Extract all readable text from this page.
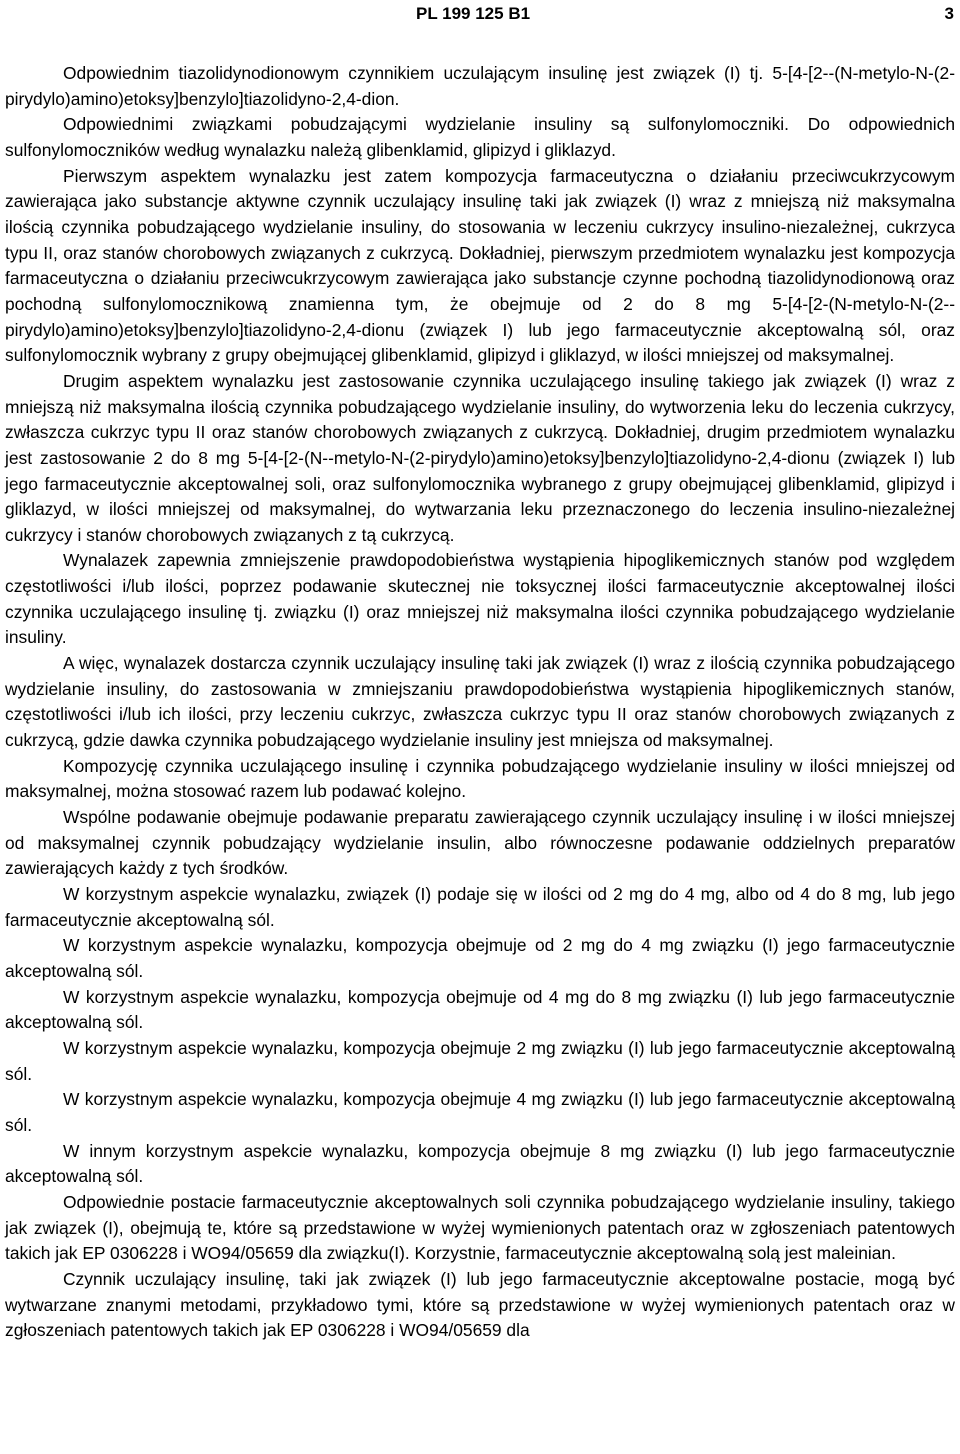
PL 199 125 B1	3

Odpowiednim tiazolidynodionowym czynnikiem uczulającym insulinę jest związek (I) tj. 5-[4-[2--(N-metylo-N-(2-pirydylo)amino)etoksy]benzylo]tiazolidyno-2,4-dion.

Odpowiednimi związkami pobudzającymi wydzielanie insuliny są sulfonylomoczniki. Do odpowiednich sulfonylomoczników według wynalazku należą glibenklamid, glipizyd i gliklazyd.

Pierwszym aspektem wynalazku jest zatem kompozycja farmaceutyczna o działaniu przeciwcukrzycowym zawierająca jako substancje aktywne czynnik uczulający insulinę taki jak związek (I) wraz z mniejszą niż maksymalna ilością czynnika pobudzającego wydzielanie insuliny, do stosowania w leczeniu cukrzycy insulino-niezależnej, cukrzyca typu II, oraz stanów chorobowych związanych z cukrzycą. Dokładniej, pierwszym przedmiotem wynalazku jest kompozycja farmaceutyczna o działaniu przeciwcukrzycowym zawierająca jako substancje czynne pochodną tiazolidynodionową oraz pochodną sulfonylomocznikową znamienna tym, że obejmuje od 2 do 8 mg 5-[4-[2-(N-metylo-N-(2--pirydylo)amino)etoksy]benzylo]tiazolidyno-2,4-dionu (związek I) lub jego farmaceutycznie akceptowalną sól, oraz sulfonylomocznik wybrany z grupy obejmującej glibenklamid, glipizyd i gliklazyd, w ilości mniejszej od maksymalnej.

Drugim aspektem wynalazku jest zastosowanie czynnika uczulającego insulinę takiego jak związek (I) wraz z mniejszą niż maksymalna ilością czynnika pobudzającego wydzielanie insuliny, do wytworzenia leku do leczenia cukrzycy, zwłaszcza cukrzyc typu II oraz stanów chorobowych związanych z cukrzycą. Dokładniej, drugim przedmiotem wynalazku jest zastosowanie 2 do 8 mg 5-[4-[2-(N--metylo-N-(2-pirydylo)amino)etoksy]benzylo]tiazolidyno-2,4-dionu (związek I) lub jego farmaceutycznie akceptowalnej soli, oraz sulfonylomocznika wybranego z grupy obejmującej glibenklamid, glipizyd i gliklazyd, w ilości mniejszej od maksymalnej, do wytwarzania leku przeznaczonego do leczenia insulino-niezależnej cukrzycy i stanów chorobowych związanych z tą cukrzycą.

Wynalazek zapewnia zmniejszenie prawdopodobieństwa wystąpienia hipoglikemicznych stanów pod względem częstotliwości i/lub ilości, poprzez podawanie skutecznej nie toksycznej ilości farmaceutycznie akceptowalnej ilości czynnika uczulającego insulinę tj. związku (I) oraz mniejszej niż maksymalna ilości czynnika pobudzającego wydzielanie insuliny.

A więc, wynalazek dostarcza czynnik uczulający insulinę taki jak związek (I) wraz z ilością czynnika pobudzającego wydzielanie insuliny, do zastosowania w zmniejszaniu prawdopodobieństwa wystąpienia hipoglikemicznych stanów, częstotliwości i/lub ich ilości, przy leczeniu cukrzyc, zwłaszcza cukrzyc typu II oraz stanów chorobowych związanych z cukrzycą, gdzie dawka czynnika pobudzającego wydzielanie insuliny jest mniejsza od maksymalnej.

Kompozycję czynnika uczulającego insulinę i czynnika pobudzającego wydzielanie insuliny w ilości mniejszej od maksymalnej, można stosować razem lub podawać kolejno.

Wspólne podawanie obejmuje podawanie preparatu zawierającego czynnik uczulający insulinę i w ilości mniejszej od maksymalnej czynnik pobudzający wydzielanie insulin, albo równoczesne podawanie oddzielnych preparatów zawierających każdy z tych środków.

W korzystnym aspekcie wynalazku, związek (I) podaje się w ilości od 2 mg do 4 mg, albo od 4 do 8 mg, lub jego farmaceutycznie akceptowalną sól.

W korzystnym aspekcie wynalazku, kompozycja obejmuje od 2 mg do 4 mg związku (I) jego farmaceutycznie akceptowalną sól.

W korzystnym aspekcie wynalazku, kompozycja obejmuje od 4 mg do 8 mg związku (I) lub jego farmaceutycznie akceptowalną sól.

W korzystnym aspekcie wynalazku, kompozycja obejmuje 2 mg związku (I) lub jego farmaceutycznie akceptowalną sól.

W korzystnym aspekcie wynalazku, kompozycja obejmuje 4 mg związku (I) lub jego farmaceutycznie akceptowalną sól.

W innym korzystnym aspekcie wynalazku, kompozycja obejmuje 8 mg związku (I) lub jego farmaceutycznie akceptowalną sól.

Odpowiednie postacie farmaceutycznie akceptowalnych soli czynnika pobudzającego wydzielanie insuliny, takiego jak związek (I), obejmują te, które są przedstawione w wyżej wymienionych patentach oraz w zgłoszeniach patentowych takich jak EP 0306228 i WO94/05659 dla związku(I). Korzystnie, farmaceutycznie akceptowalną solą jest maleinian.

Czynnik uczulający insulinę, taki jak związek (I) lub jego farmaceutycznie akceptowalne postacie, mogą być wytwarzane znanymi metodami, przykładowo tymi, które są przedstawione w wyżej wymienionych patentach oraz w zgłoszeniach patentowych takich jak EP 0306228 i WO94/05659 dla
